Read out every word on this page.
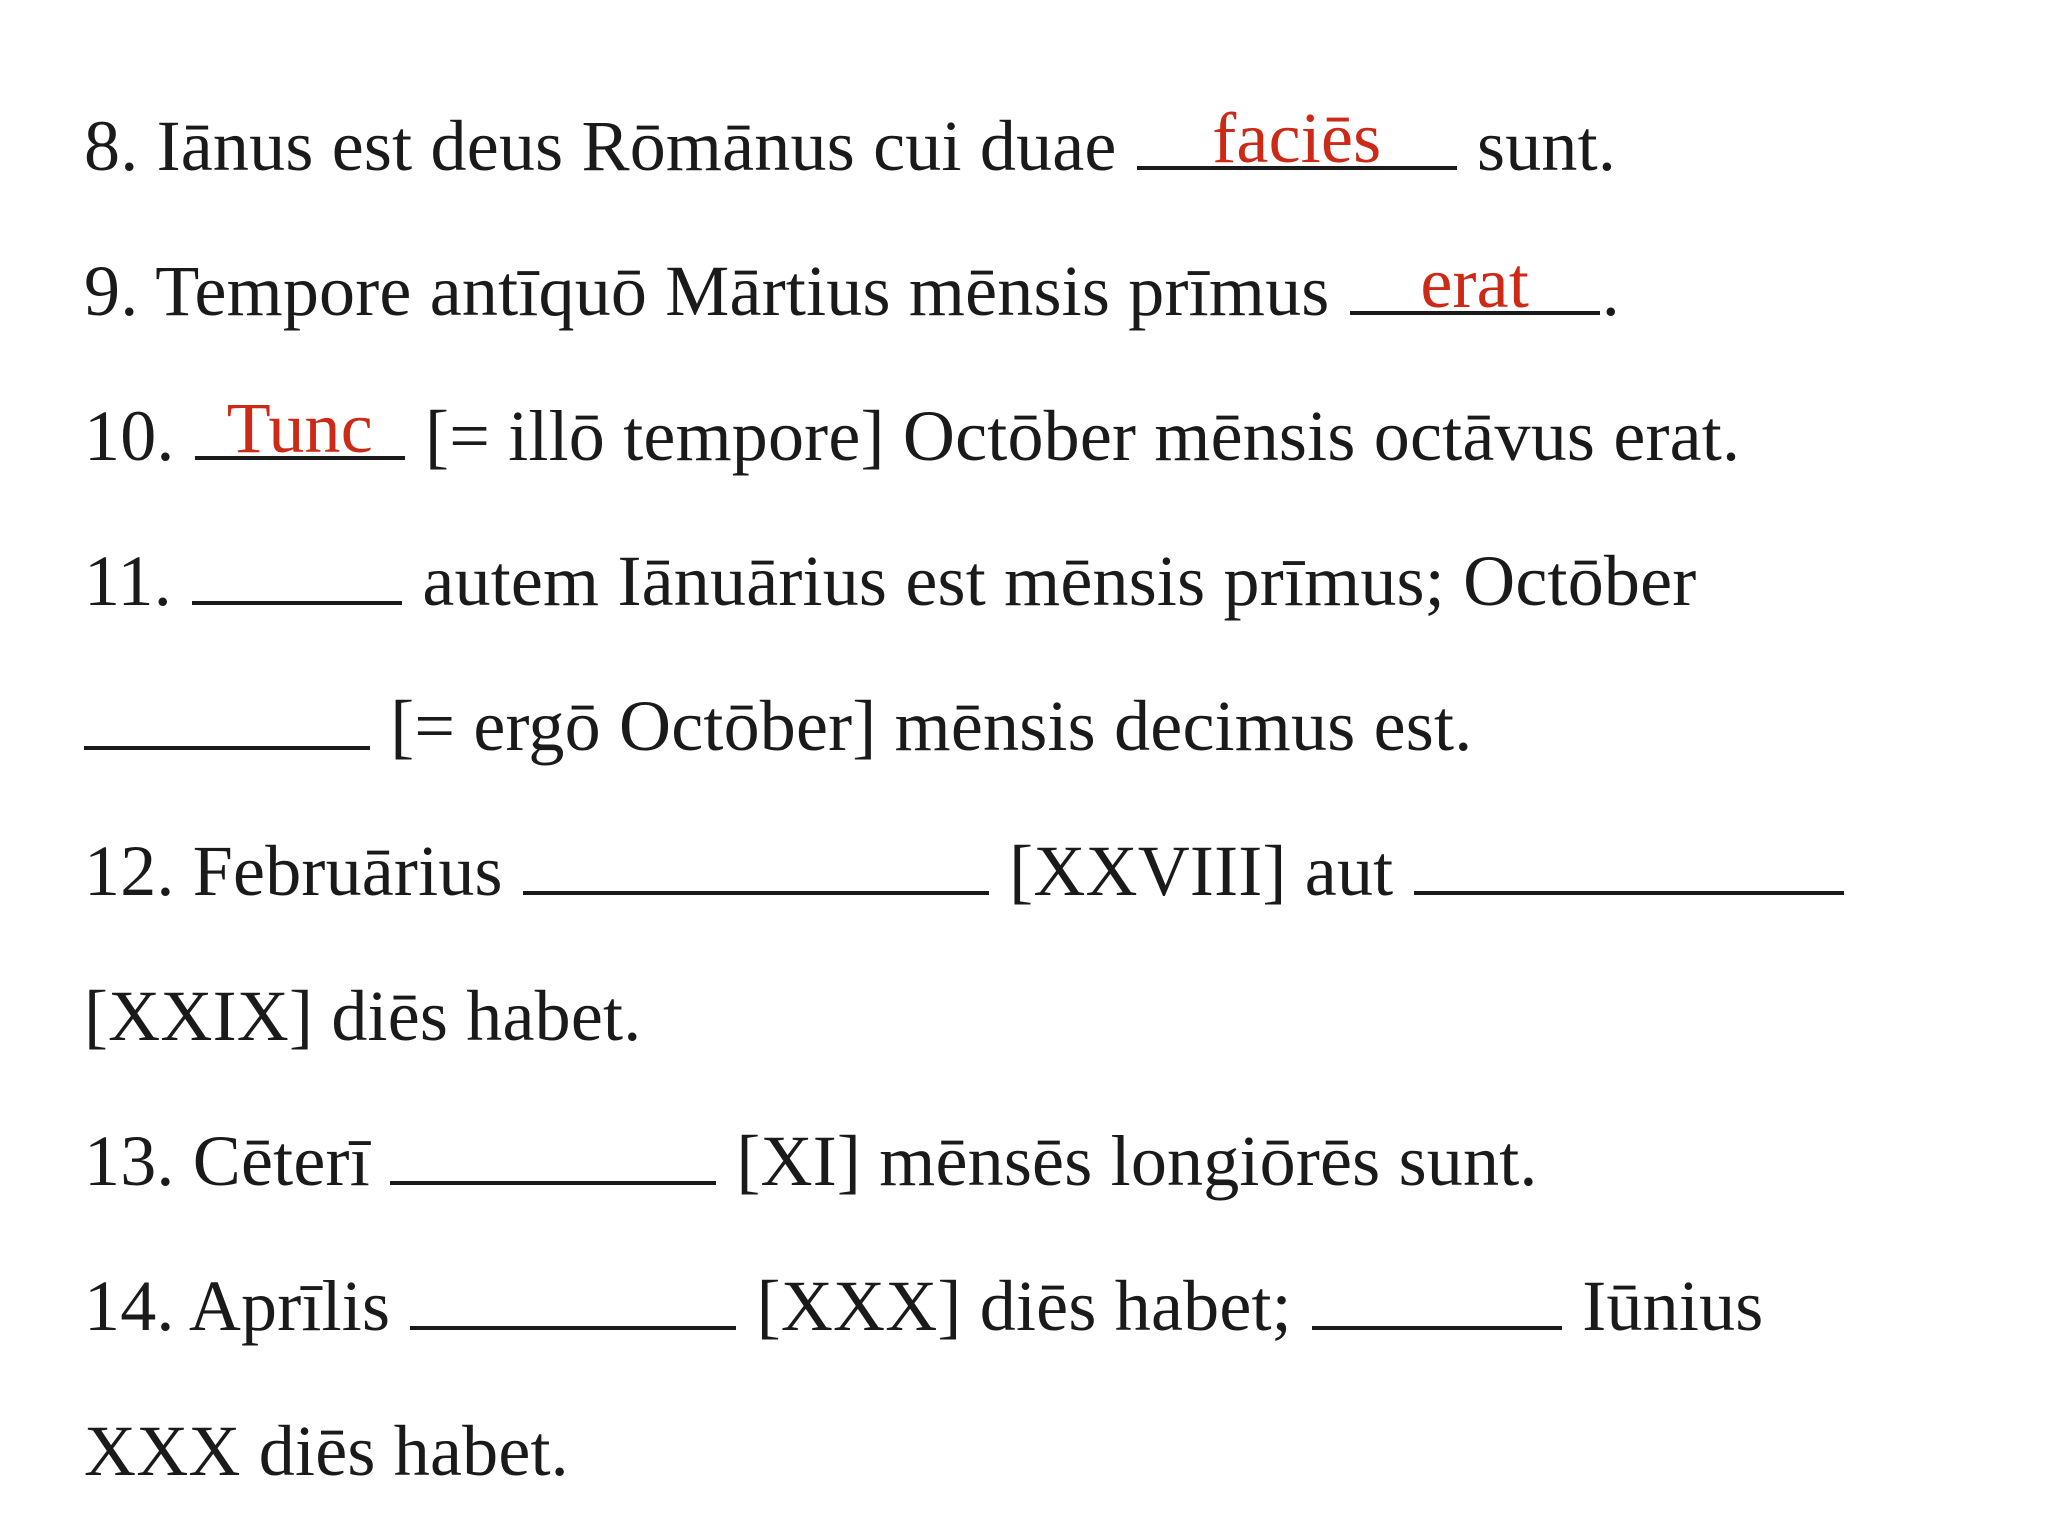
8. Iānus est deus Rōmānus cui duae	faciēs	sunt.
9. Tempore antīquō Mārtius mēnsis prīmus	erat	.
10. Tunc [= illō tempore] Octōber mēnsis octāvus erat.
11.	autem Iānuārius est mēnsis prīmus; Octōber
[= ergō Octōber] mēnsis decimus est.
12. Februārius	[XXVIII] aut
[XXIX] diēs habet.
13. Cēterī	[XI] mēnsēs longiōrēs sunt.
14. Aprīlis	[XXX] diēs habet;	Iūnius
XXX diēs habet.
